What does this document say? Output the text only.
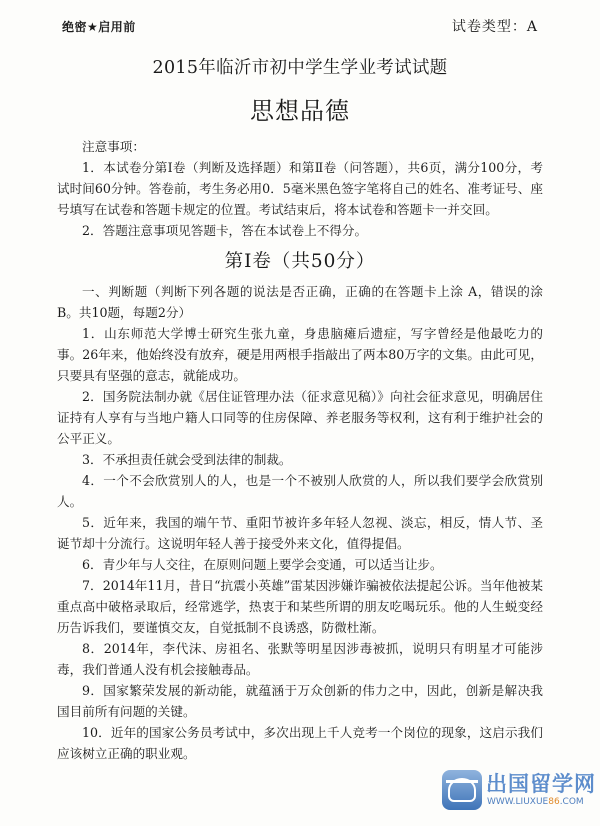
绝密★启用前	试卷类型：A
2015年临沂市初中学生学业考试试题
思想品德

注意事项：

1．本试卷分第Ⅰ卷（判断及选择题）和第Ⅱ卷（问答题），共6页，满分100分，考试时间60分钟。答卷前，考生务必用0．5毫米黑色签字笔将自己的姓名、准考证号、座号填写在试卷和答题卡规定的位置。考试结束后，将本试卷和答题卡一并交回。

2．答题注意事项见答题卡，答在本试卷上不得分。

第Ⅰ卷（共50分）

一、判断题（判断下列各题的说法是否正确，正确的在答题卡上涂 A，错误的涂 B。共10题，每题2分）

1．山东师范大学博士研究生张九童，身患脑瘫后遗症，写字曾经是他最吃力的事。26年来，他始终没有放弃，硬是用两根手指敲出了两本80万字的文集。由此可见，只要具有坚强的意志，就能成功。

2．国务院法制办就《居住证管理办法（征求意见稿）》向社会征求意见，明确居住证持有人享有与当地户籍人口同等的住房保障、养老服务等权利，这有利于维护社会的公平正义。

3．不承担责任就会受到法律的制裁。

4．一个不会欣赏别人的人，也是一个不被别人欣赏的人，所以我们要学会欣赏别人。

5．近年来，我国的端午节、重阳节被许多年轻人忽视、淡忘，相反，情人节、圣诞节却十分流行。这说明年轻人善于接受外来文化，值得提倡。

6．青少年与人交往，在原则问题上要学会变通，可以适当让步。

7．2014年11月，昔日“抗震小英雄”雷某因涉嫌诈骗被依法提起公诉。当年他被某重点高中破格录取后，经常逃学，热衷于和某些所谓的朋友吃喝玩乐。他的人生蜕变经历告诉我们，要谨慎交友，自觉抵制不良诱惑，防微杜渐。

8．2014年，李代沫、房祖名、张默等明星因涉毒被抓，说明只有明星才可能涉毒，我们普通人没有机会接触毒品。

9．国家繁荣发展的新动能，就蕴涵于万众创新的伟力之中，因此，创新是解决我国目前所有问题的关键。

10．近年的国家公务员考试中，多次出现上千人竞考一个岗位的现象，这启示我们应该树立正确的职业观。

出国留学网
WWW.LIUXUE86.COM
